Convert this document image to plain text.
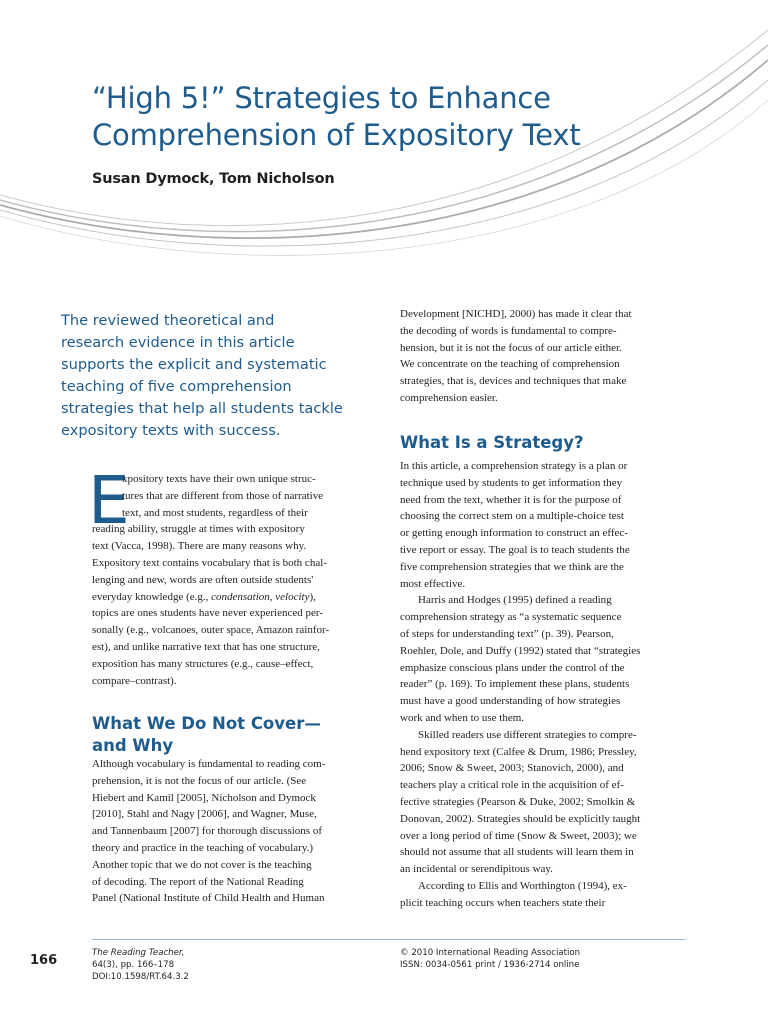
“High 5!” Strategies to Enhance
Comprehension of Expository Text
Susan Dymock, Tom Nicholson
The reviewed theoretical and
research evidence in this article
supports the explicit and systematic
teaching of five comprehension
strategies that help all students tackle
expository texts with success.
E
xpository texts have their own unique struc-
tures that are different from those of narrative
text, and most students, regardless of their
reading ability, struggle at times with expository
text (Vacca, 1998). There are many reasons why.
Expository text contains vocabulary that is both chal-
lenging and new, words are often outside students'
everyday knowledge (e.g., condensation, velocity),
topics are ones students have never experienced per-
sonally (e.g., volcanoes, outer space, Amazon rainfor-
est), and unlike narrative text that has one structure,
exposition has many structures (e.g., cause–effect,
compare–contrast).
What We Do Not Cover—
and Why
Although vocabulary is fundamental to reading com-
prehension, it is not the focus of our article. (See
Hiebert and Kamil [2005], Nicholson and Dymock
[2010], Stahl and Nagy [2006], and Wagner, Muse,
and Tannenbaum [2007] for thorough discussions of
theory and practice in the teaching of vocabulary.)
Another topic that we do not cover is the teaching
of decoding. The report of the National Reading
Panel (National Institute of Child Health and Human
Development [NICHD], 2000) has made it clear that
the decoding of words is fundamental to compre-
hension, but it is not the focus of our article either.
We concentrate on the teaching of comprehension
strategies, that is, devices and techniques that make
comprehension easier.
What Is a Strategy?
In this article, a comprehension strategy is a plan or
technique used by students to get information they
need from the text, whether it is for the purpose of
choosing the correct stem on a multiple-choice test
or getting enough information to construct an effec-
tive report or essay. The goal is to teach students the
five comprehension strategies that we think are the
most effective.
Harris and Hodges (1995) defined a reading
comprehension strategy as “a systematic sequence
of steps for understanding text” (p. 39). Pearson,
Roehler, Dole, and Duffy (1992) stated that “strategies
emphasize conscious plans under the control of the
reader” (p. 169). To implement these plans, students
must have a good understanding of how strategies
work and when to use them.
Skilled readers use different strategies to compre-
hend expository text (Calfee & Drum, 1986; Pressley,
2006; Snow & Sweet, 2003; Stanovich, 2000), and
teachers play a critical role in the acquisition of ef-
fective strategies (Pearson & Duke, 2002; Smolkin &
Donovan, 2002). Strategies should be explicitly taught
over a long period of time (Snow & Sweet, 2003); we
should not assume that all students will learn them in
an incidental or serendipitous way.
According to Ellis and Worthington (1994), ex-
plicit teaching occurs when teachers state their
166	The Reading Teacher,
64(3), pp. 166–178
DOI:10.1598/RT.64.3.2
© 2010 International Reading Association
ISSN: 0034-0561 print / 1936-2714 online
